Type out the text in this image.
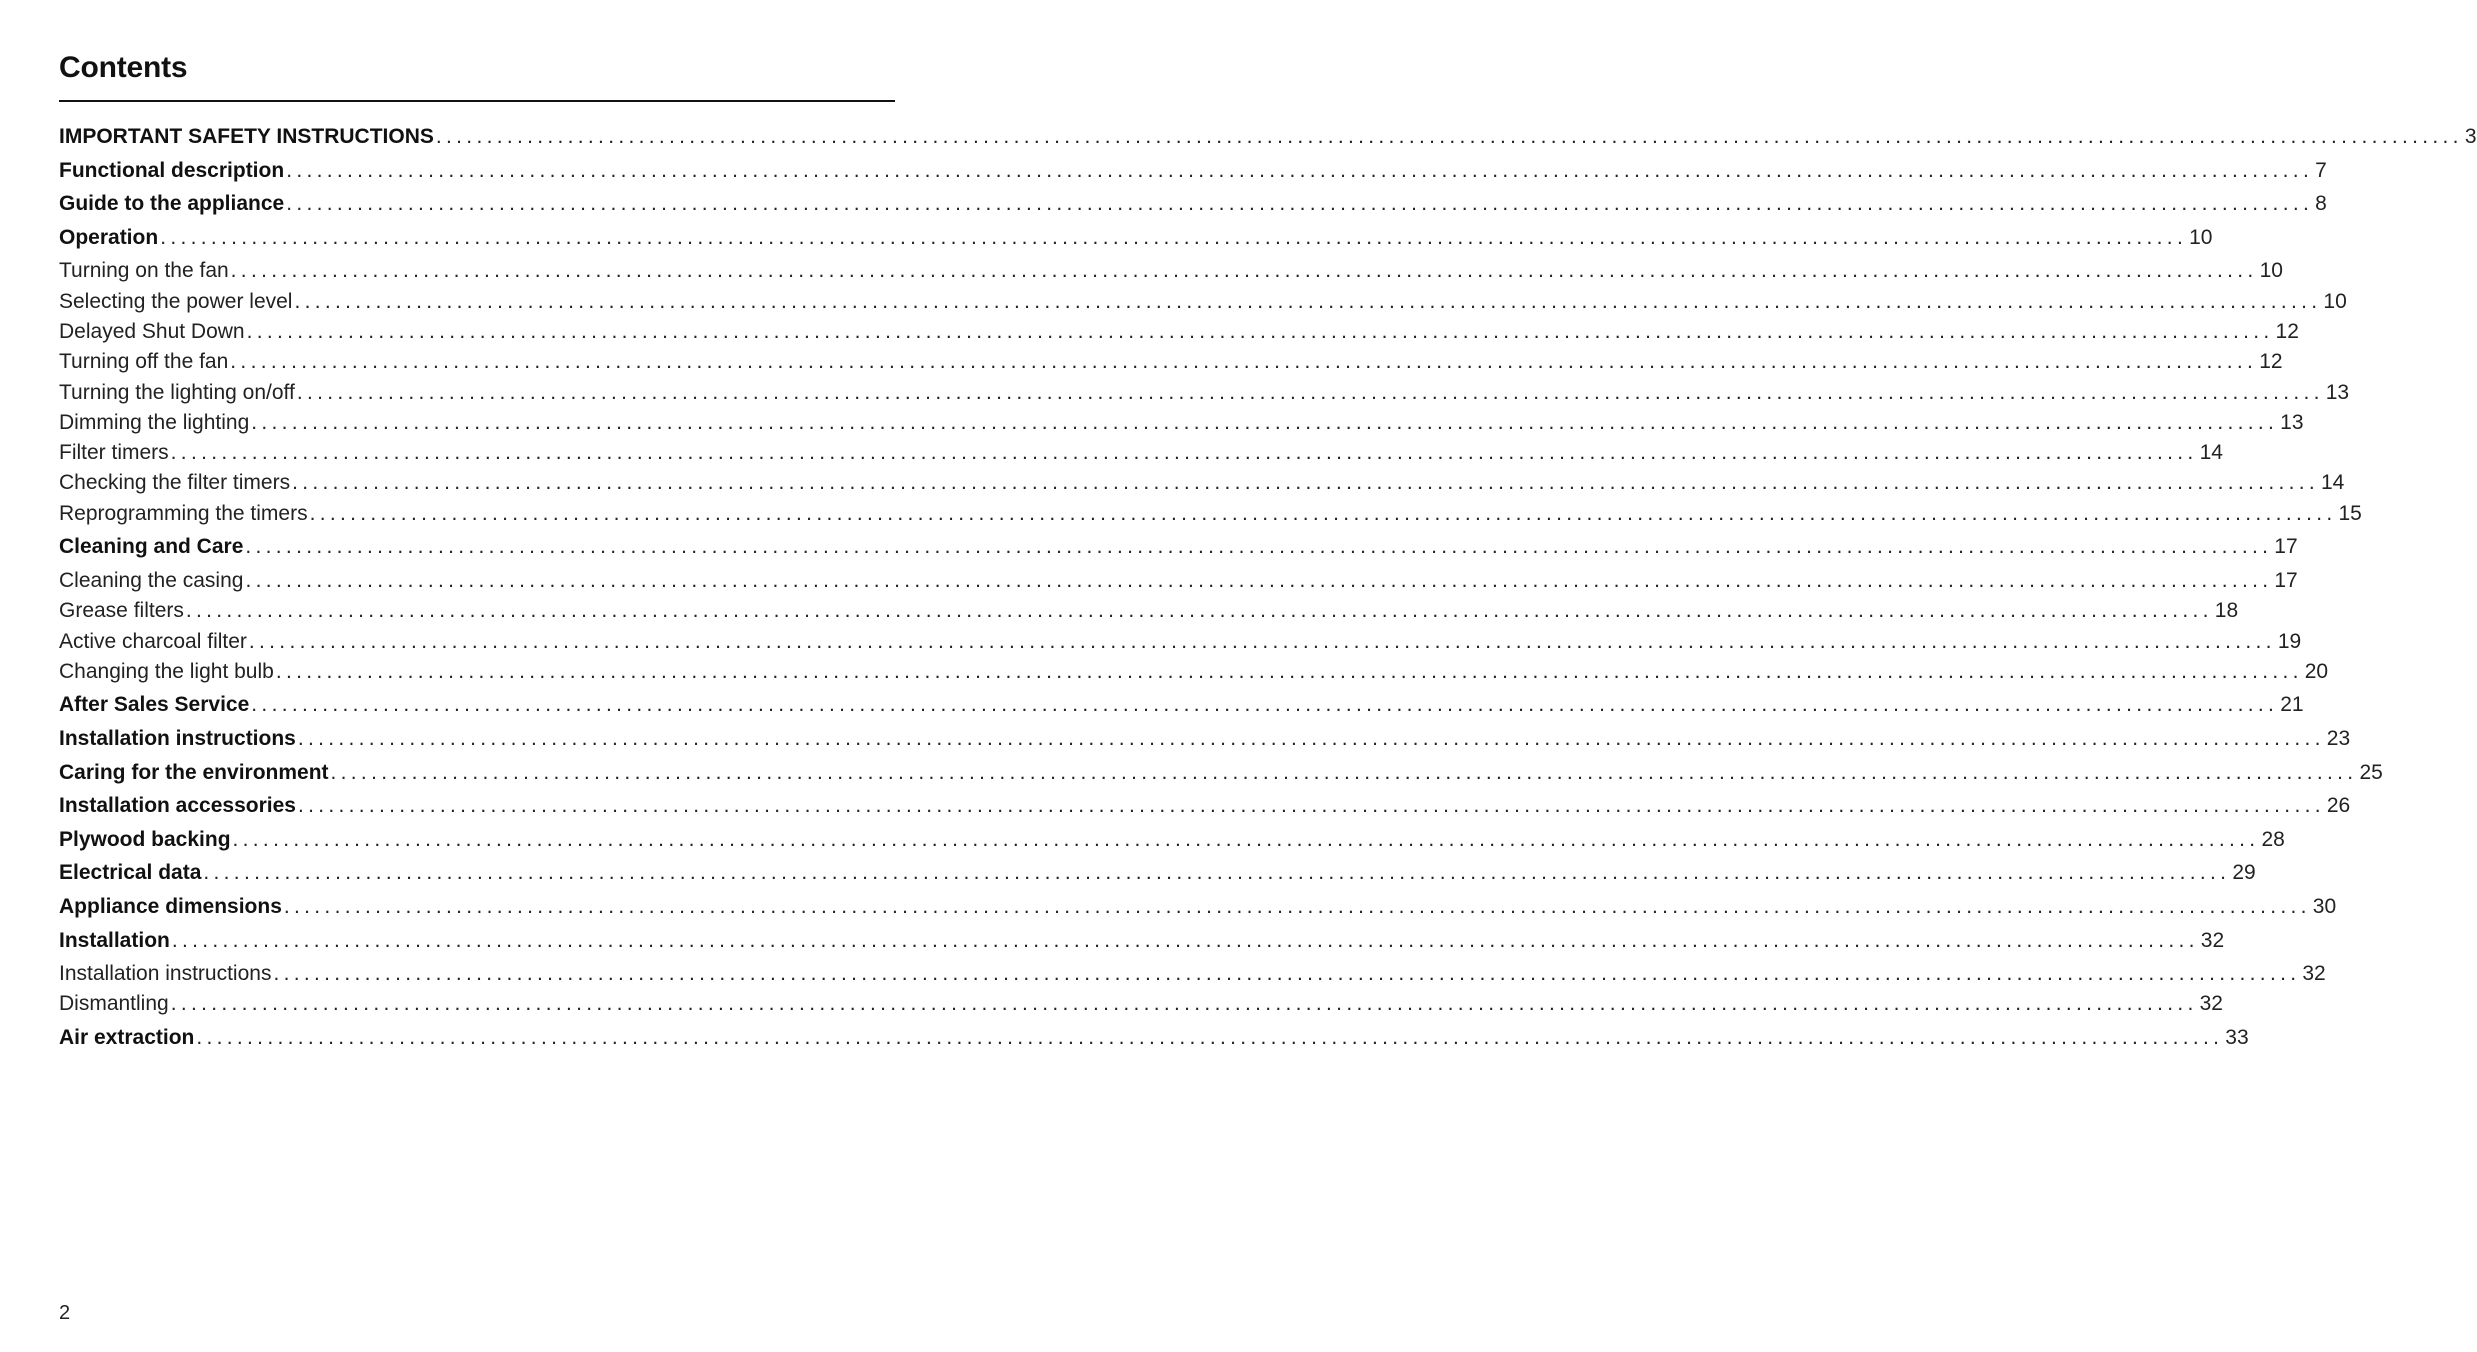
Contents
IMPORTANT SAFETY INSTRUCTIONS ........................................................................................................................................................................................................ 3
Functional description ........................................................................................................................................................................................................ 7
Guide to the appliance ........................................................................................................................................................................................................ 8
Operation ........................................................................................................................................................................................................ 10
Turning on the fan ........................................................................................................................................................................................................ 10
Selecting the power level ........................................................................................................................................................................................................ 10
Delayed Shut Down ........................................................................................................................................................................................................ 12
Turning off the fan ........................................................................................................................................................................................................ 12
Turning the lighting on/off ........................................................................................................................................................................................................ 13
Dimming the lighting ........................................................................................................................................................................................................ 13
Filter timers ........................................................................................................................................................................................................ 14
Checking the filter timers ........................................................................................................................................................................................................ 14
Reprogramming the timers ........................................................................................................................................................................................................ 15
Cleaning and Care ........................................................................................................................................................................................................ 17
Cleaning the casing ........................................................................................................................................................................................................ 17
Grease filters ........................................................................................................................................................................................................ 18
Active charcoal filter ........................................................................................................................................................................................................ 19
Changing the light bulb ........................................................................................................................................................................................................ 20
After Sales Service ........................................................................................................................................................................................................ 21
Installation instructions ........................................................................................................................................................................................................ 23
Caring for the environment ........................................................................................................................................................................................................ 25
Installation accessories ........................................................................................................................................................................................................ 26
Plywood backing ........................................................................................................................................................................................................ 28
Electrical data ........................................................................................................................................................................................................ 29
Appliance dimensions ........................................................................................................................................................................................................ 30
Installation ........................................................................................................................................................................................................ 32
Installation instructions ........................................................................................................................................................................................................ 32
Dismantling ........................................................................................................................................................................................................ 32
Air extraction ........................................................................................................................................................................................................ 33
2
